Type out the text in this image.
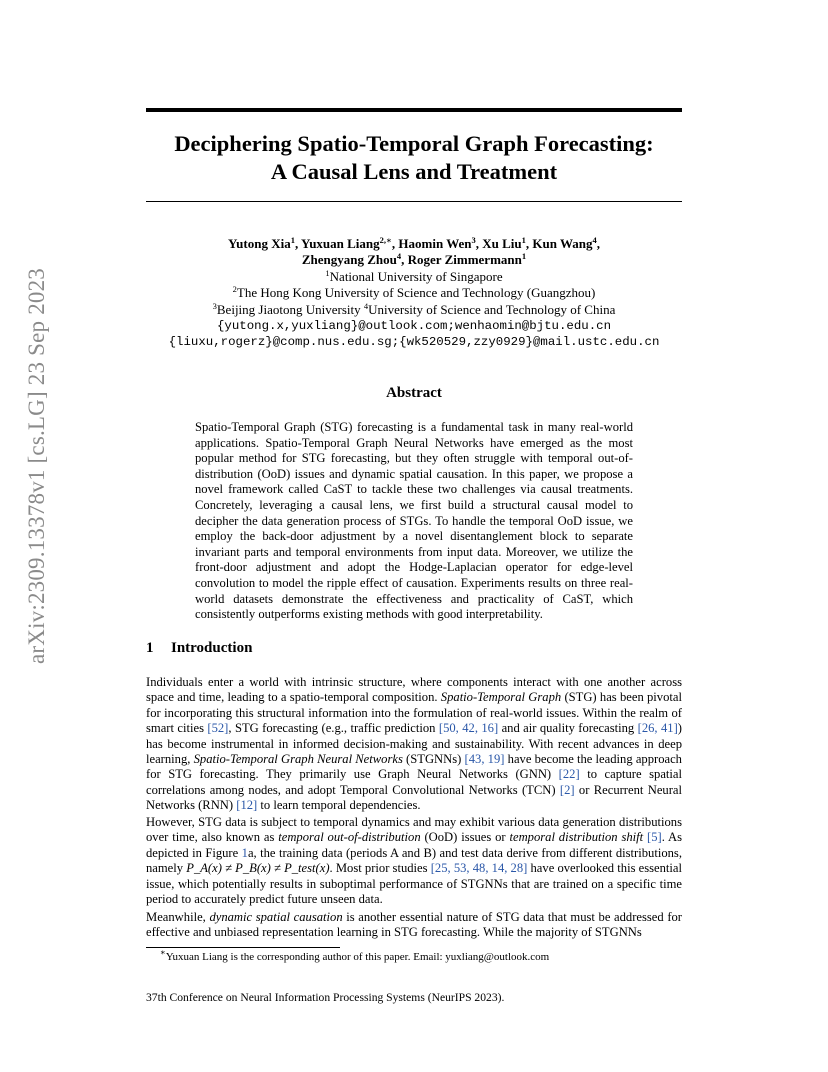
arXiv:2309.13378v1 [cs.LG] 23 Sep 2023
Deciphering Spatio-Temporal Graph Forecasting:
A Causal Lens and Treatment
Yutong Xia$^1$, Yuxuan Liang$^{2,∗}$, Haomin Wen$^3$, Xu Liu$^1$, Kun Wang$^4$,
Zhengyang Zhou$^4$, Roger Zimmermann$^1$
$^1$National University of Singapore
$^2$The Hong Kong University of Science and Technology (Guangzhou)
$^3$Beijing Jiaotong University $^4$University of Science and Technology of China
{yutong.x,yuxliang}@outlook.com;wenhaomin@bjtu.edu.cn
{liuxu,rogerz}@comp.nus.edu.sg;{wk520529,zzy0929}@mail.ustc.edu.cn
Abstract
Spatio-Temporal Graph (STG) forecasting is a fundamental task in many real-world applications. Spatio-Temporal Graph Neural Networks have emerged as the most popular method for STG forecasting, but they often struggle with temporal out-of-distribution (OoD) issues and dynamic spatial causation. In this paper, we propose a novel framework called CaST to tackle these two challenges via causal treatments. Concretely, leveraging a causal lens, we first build a structural causal model to decipher the data generation process of STGs. To handle the temporal OoD issue, we employ the back-door adjustment by a novel disentanglement block to separate invariant parts and temporal environments from input data. Moreover, we utilize the front-door adjustment and adopt the Hodge-Laplacian operator for edge-level convolution to model the ripple effect of causation. Experiments results on three real-world datasets demonstrate the effectiveness and practicality of CaST, which consistently outperforms existing methods with good interpretability.
1 Introduction

Individuals enter a world with intrinsic structure, where components interact with one another across space and time, leading to a spatio-temporal composition. Spatio-Temporal Graph (STG) has been pivotal for incorporating this structural information into the formulation of real-world issues. Within the realm of smart cities [52], STG forecasting (e.g., traffic prediction [50, 42, 16] and air quality forecasting [26, 41]) has become instrumental in informed decision-making and sustainability. With recent advances in deep learning, Spatio-Temporal Graph Neural Networks (STGNNs) [43, 19] have become the leading approach for STG forecasting. They primarily use Graph Neural Networks (GNN) [22] to capture spatial correlations among nodes, and adopt Temporal Convolutional Networks (TCN) [2] or Recurrent Neural Networks (RNN) [12] to learn temporal dependencies.

However, STG data is subject to temporal dynamics and may exhibit various data generation distributions over time, also known as temporal out-of-distribution (OoD) issues or temporal distribution shift [5]. As depicted in Figure 1a, the training data (periods A and B) and test data derive from different distributions, namely P_A(x) ≠ P_B(x) ≠ P_test(x). Most prior studies [25, 53, 48, 14, 28] have overlooked this essential issue, which potentially results in suboptimal performance of STGNNs that are trained on a specific time period to accurately predict future unseen data.

Meanwhile, dynamic spatial causation is another essential nature of STG data that must be addressed for effective and unbiased representation learning in STG forecasting. While the majority of STGNNs

∗Yuxuan Liang is the corresponding author of this paper. Email: yuxliang@outlook.com
37th Conference on Neural Information Processing Systems (NeurIPS 2023).
